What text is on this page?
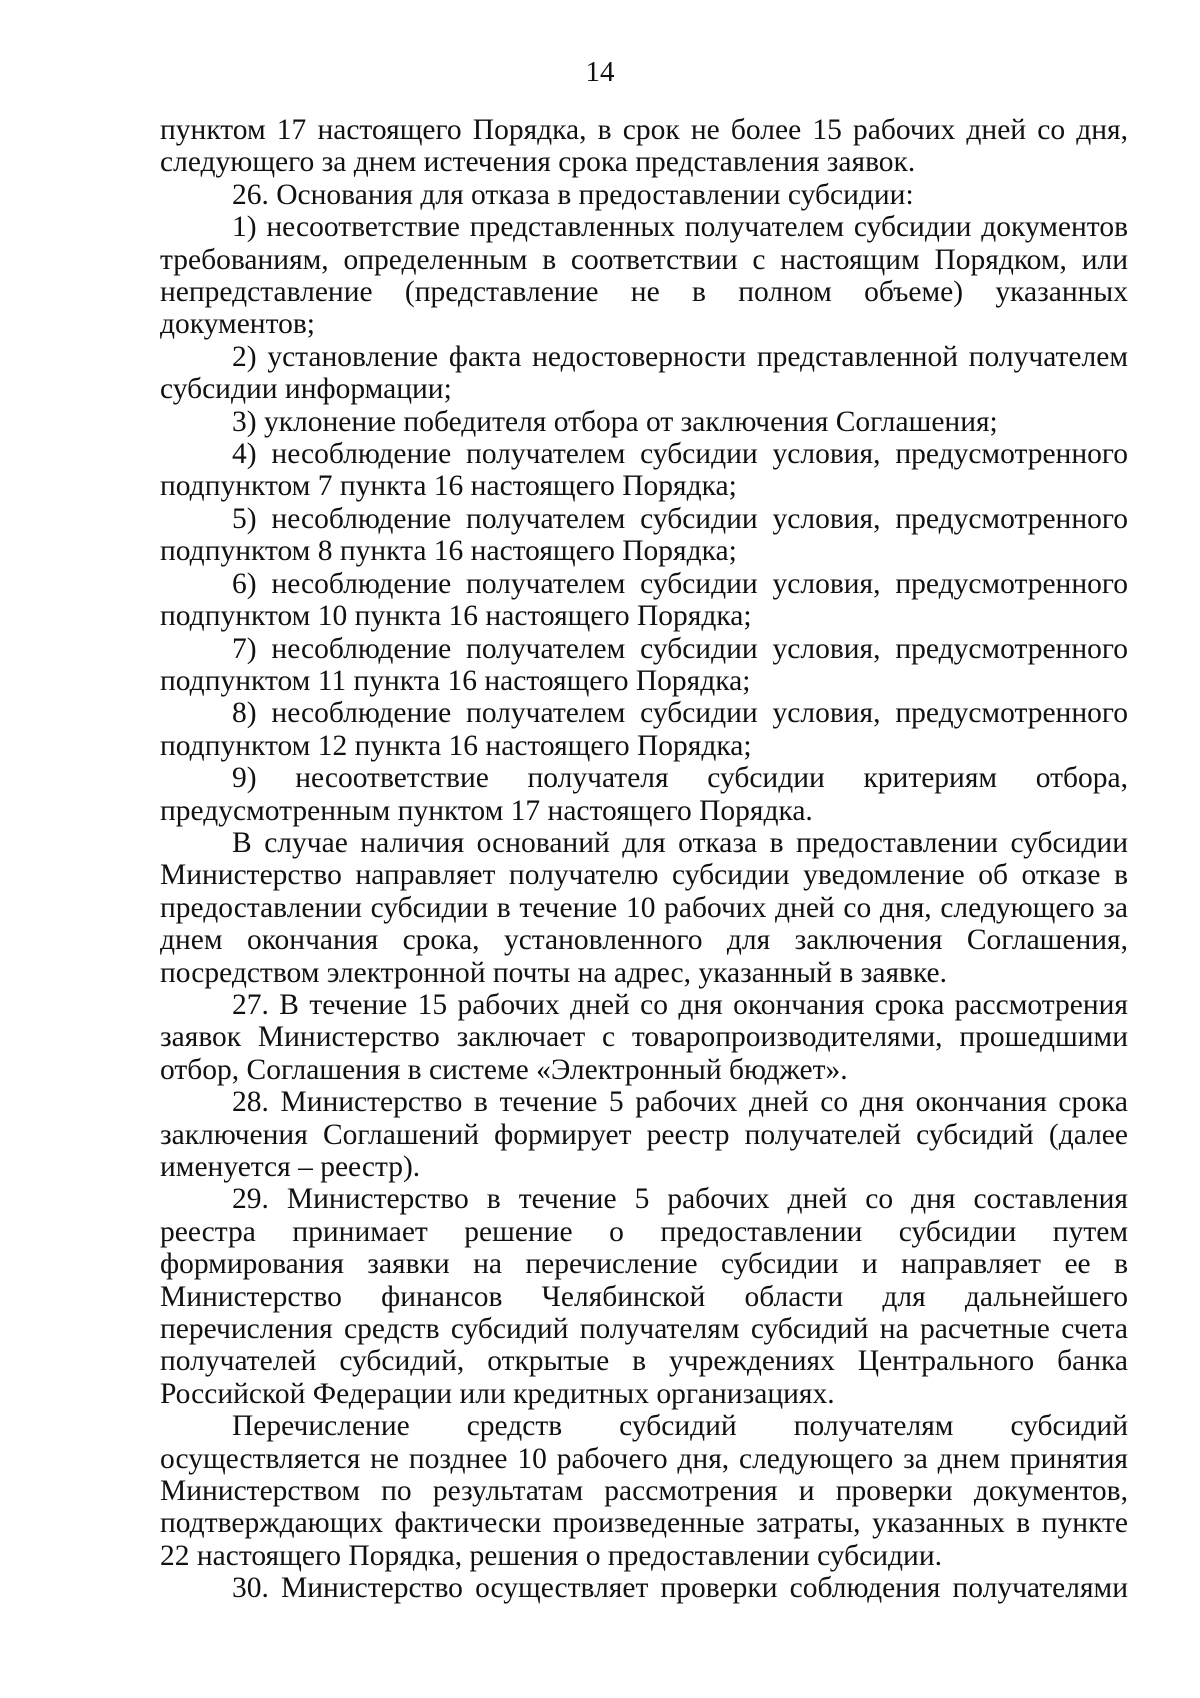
14

пунктом 17 настоящего Порядка, в срок не более 15 рабочих дней со дня, следующего за днем истечения срока представления заявок.

26. Основания для отказа в предоставлении субсидии:

1) несоответствие представленных получателем субсидии документов требованиям, определенным в соответствии с настоящим Порядком, или непредставление (представление не в полном объеме) указанных документов;

2) установление факта недостоверности представленной получателем субсидии информации;

3) уклонение победителя отбора от заключения Соглашения;

4) несоблюдение получателем субсидии условия, предусмотренного подпунктом 7 пункта 16 настоящего Порядка;

5) несоблюдение получателем субсидии условия, предусмотренного подпунктом 8 пункта 16 настоящего Порядка;

6) несоблюдение получателем субсидии условия, предусмотренного подпунктом 10 пункта 16 настоящего Порядка;

7) несоблюдение получателем субсидии условия, предусмотренного подпунктом 11 пункта 16 настоящего Порядка;

8) несоблюдение получателем субсидии условия, предусмотренного подпунктом 12 пункта 16 настоящего Порядка;

9) несоответствие получателя субсидии критериям отбора, предусмотренным пунктом 17 настоящего Порядка.

В случае наличия оснований для отказа в предоставлении субсидии Министерство направляет получателю субсидии уведомление об отказе в предоставлении субсидии в течение 10 рабочих дней со дня, следующего за днем окончания срока, установленного для заключения Соглашения, посредством электронной почты на адрес, указанный в заявке.

27. В течение 15 рабочих дней со дня окончания срока рассмотрения заявок Министерство заключает с товаропроизводителями, прошедшими отбор, Соглашения в системе «Электронный бюджет».

28. Министерство в течение 5 рабочих дней со дня окончания срока заключения Соглашений формирует реестр получателей субсидий (далее именуется – реестр).

29. Министерство в течение 5 рабочих дней со дня составления реестра принимает решение о предоставлении субсидии путем формирования заявки на перечисление субсидии и направляет ее в Министерство финансов Челябинской области для дальнейшего перечисления средств субсидий получателям субсидий на расчетные счета получателей субсидий, открытые в учреждениях Центрального банка Российской Федерации или кредитных организациях.

Перечисление средств субсидий получателям субсидий осуществляется не позднее 10 рабочего дня, следующего за днем принятия Министерством по результатам рассмотрения и проверки документов, подтверждающих фактически произведенные затраты, указанных в пункте 22 настоящего Порядка, решения о предоставлении субсидии.

30. Министерство осуществляет проверки соблюдения получателями
